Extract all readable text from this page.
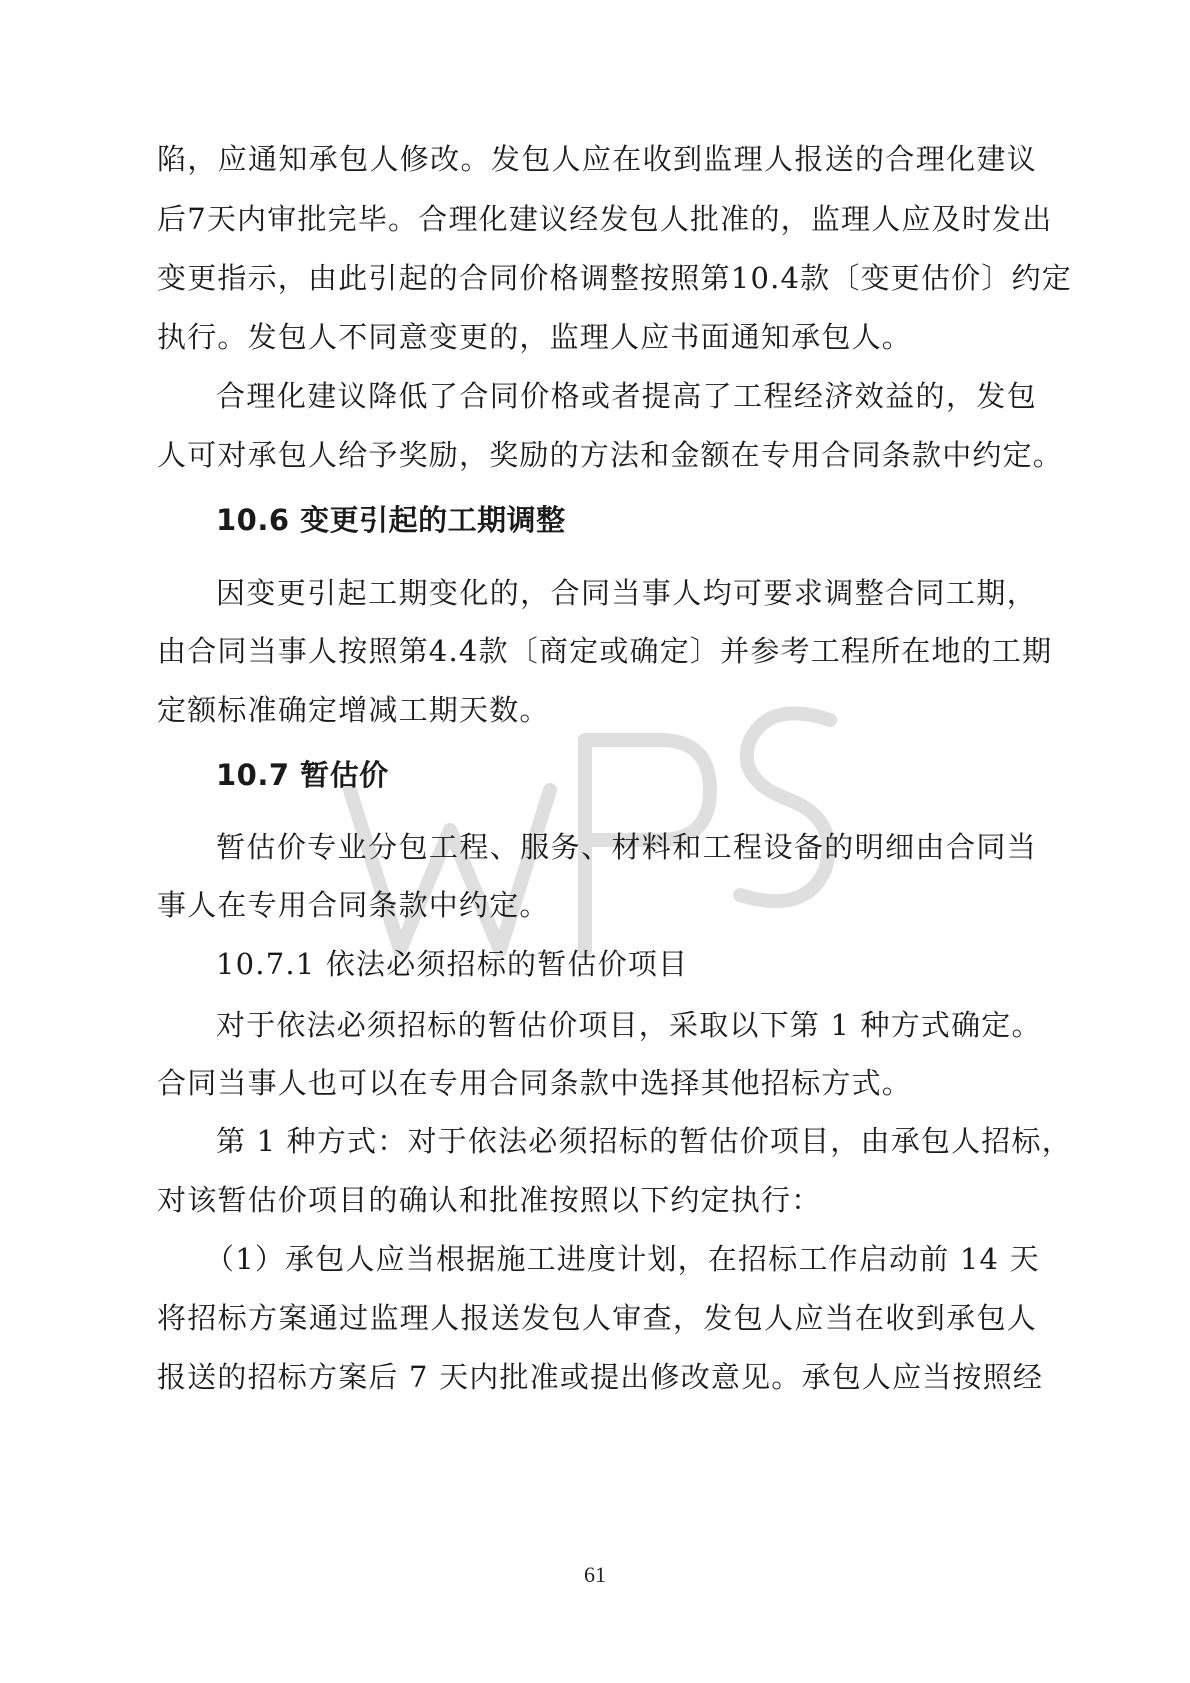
陷，应通知承包人修改。发包人应在收到监理人报送的合理化建议
后7天内审批完毕。合理化建议经发包人批准的，监理人应及时发出
变更指示，由此引起的合同价格调整按照第10.4款〔变更估价〕约定
执行。发包人不同意变更的，监理人应书面通知承包人。
合理化建议降低了合同价格或者提高了工程经济效益的，发包
人可对承包人给予奖励，奖励的方法和金额在专用合同条款中约定。
10.6 变更引起的工期调整
因变更引起工期变化的，合同当事人均可要求调整合同工期，
由合同当事人按照第4.4款〔商定或确定〕并参考工程所在地的工期
定额标准确定增减工期天数。
10.7 暂估价
暂估价专业分包工程、服务、材料和工程设备的明细由合同当
事人在专用合同条款中约定。
10.7.1 依法必须招标的暂估价项目
对于依法必须招标的暂估价项目，采取以下第 1 种方式确定。
合同当事人也可以在专用合同条款中选择其他招标方式。
第 1 种方式：对于依法必须招标的暂估价项目，由承包人招标，
对该暂估价项目的确认和批准按照以下约定执行：
（1）承包人应当根据施工进度计划，在招标工作启动前 14 天
将招标方案通过监理人报送发包人审查，发包人应当在收到承包人
报送的招标方案后 7 天内批准或提出修改意见。承包人应当按照经
61
